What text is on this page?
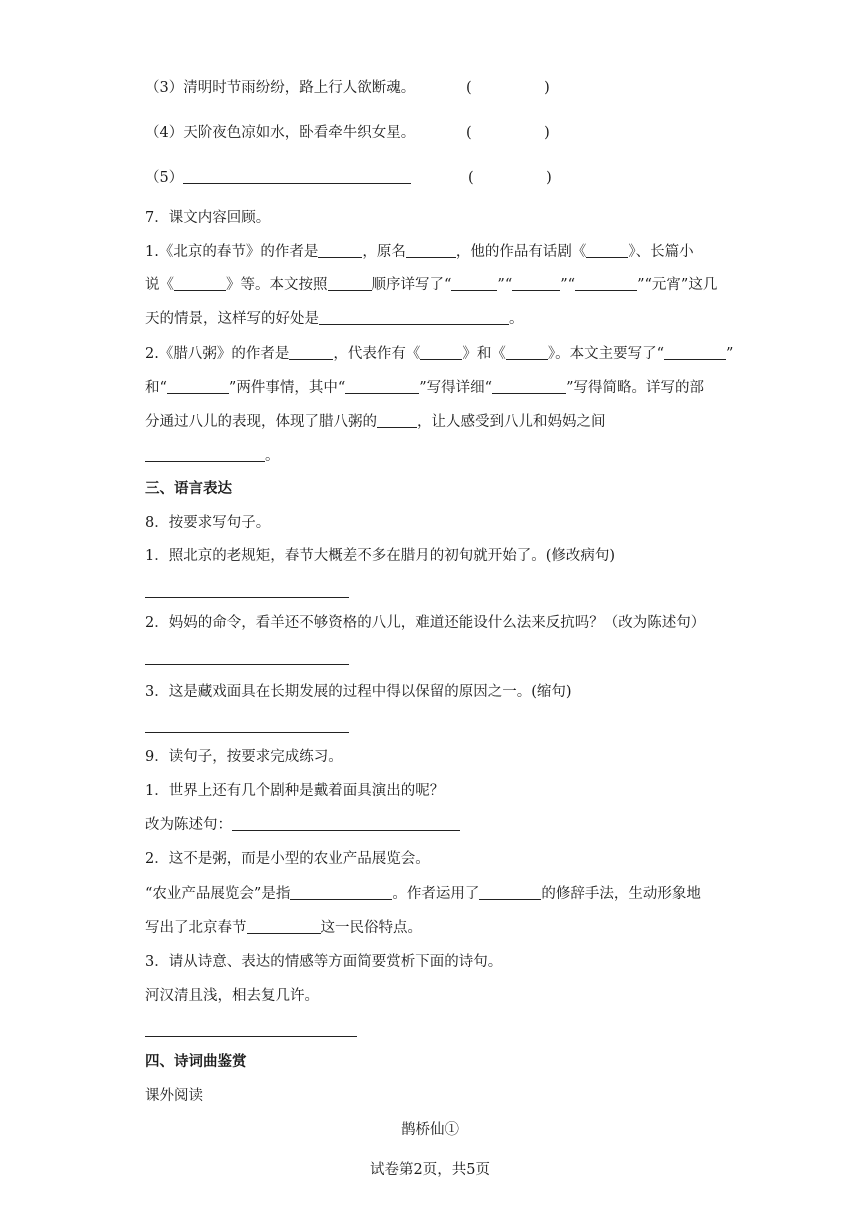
（3）清明时节雨纷纷，路上行人欲断魂。	(　　　　　)
（4）天阶夜色凉如水，卧看牵牛织女星。	(　　　　　)
（5）	(　　　　　)
7．课文内容回顾。
1.《北京的春节》的作者是	，原名	，他的作品有话剧《	》、长篇小
说《	》等。本文按照	顺序详写了“	”“	”“	”“元宵”这几
天的情景，这样写的好处是	。
2.《腊八粥》的作者是	，代表作有《	》和《	》。本文主要写了“	”
和“	”两件事情，其中“	”写得详细“	”写得简略。详写的部
分通过八儿的表现，体现了腊八粥的	，让人感受到八儿和妈妈之间
。
三、语言表达
8．按要求写句子。
1．照北京的老规矩，春节大概差不多在腊月的初旬就开始了。(修改病句)
2．妈妈的命令，看羊还不够资格的八儿，难道还能设什么法来反抗吗？（改为陈述句）
3．这是藏戏面具在长期发展的过程中得以保留的原因之一。(缩句)
9．读句子，按要求完成练习。
1．世界上还有几个剧种是戴着面具演出的呢？
改为陈述句：
2．这不是粥，而是小型的农业产品展览会。
“农业产品展览会”是指	。作者运用了	的修辞手法，生动形象地
写出了北京春节	这一民俗特点。
3．请从诗意、表达的情感等方面简要赏析下面的诗句。
河汉清且浅，相去复几许。
四、诗词曲鉴赏
课外阅读
鹊桥仙①
试卷第2页，共5页
